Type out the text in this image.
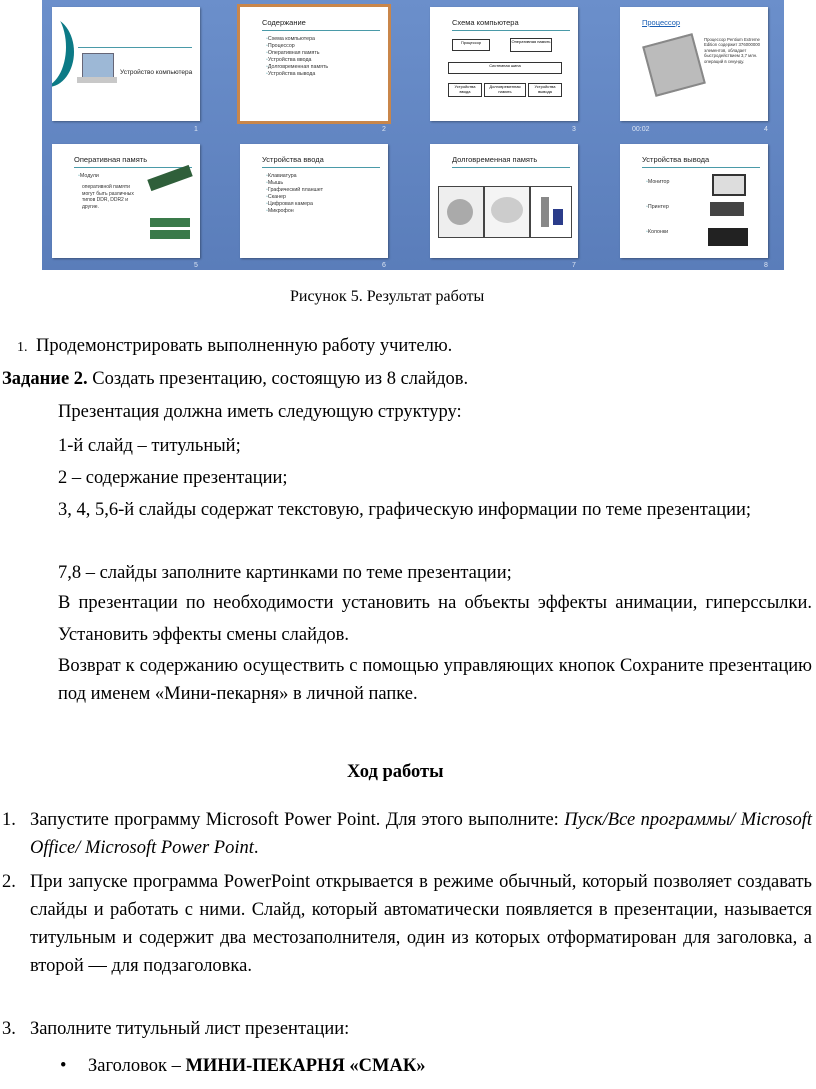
Устройство компьютера
1
Содержание
◦ Схема компьютера
◦ Процессор
◦ Оперативная память
◦ Устройства ввода
◦ Долговременная память
◦ Устройства вывода
2
Схема компьютера
Процессор	Оперативная память
Системная шина
Устройства ввода
Долговременная память
Устройства вывода
3
Процессор
Процессор Pentium Extreme Edition содержит 376000000 элементов, обладает быстродействием 3,7 млн. операций в секунду.
00:02	4
Оперативная память
◦ Модули
оперативной памяти могут быть различных типов DDR, DDR2 и другие.
5
Устройства ввода
◦ Клавиатура
◦ Мышь
◦ Графический планшет
◦ Сканер
◦ Цифровая камера
◦ Микрофон
6
Долговременная память
7
Устройства вывода
◦ Монитор
◦ Принтер
◦ Колонки
8
Рисунок 5. Результат работы
1. Продемонстрировать выполненную работу учителю.
Задание 2. Создать презентацию, состоящую из 8 слайдов.
Презентация должна иметь следующую структуру:
1-й слайд – титульный;
2 – содержание презентации;
3, 4, 5,6-й слайды содержат текстовую, графическую информации по теме презентации;
7,8 – слайды заполните картинками по теме презентации;
В презентации по необходимости установить на объекты эффекты анимации, гиперссылки. Установить эффекты смены слайдов.
Возврат к содержанию осуществить с помощью управляющих кнопок Сохраните презентацию под именем «Мини-пекарня» в личной папке.
Ход работы
1. Запустите программу Microsoft Power Point. Для этого выполните: Пуск/Все программы/ Microsoft Office/ Microsoft Power Point.
2. При запуске программа PowerPoint открывается в режиме обычный, который позволяет создавать слайды и работать с ними. Слайд, который автоматически появляется в презентации, называется титульным и содержит два местозаполнителя, один из которых отформатирован для заголовка, а второй — для подзаголовка.
3. Заполните титульный лист презентации:
• Заголовок – МИНИ-ПЕКАРНЯ «СМАК»
